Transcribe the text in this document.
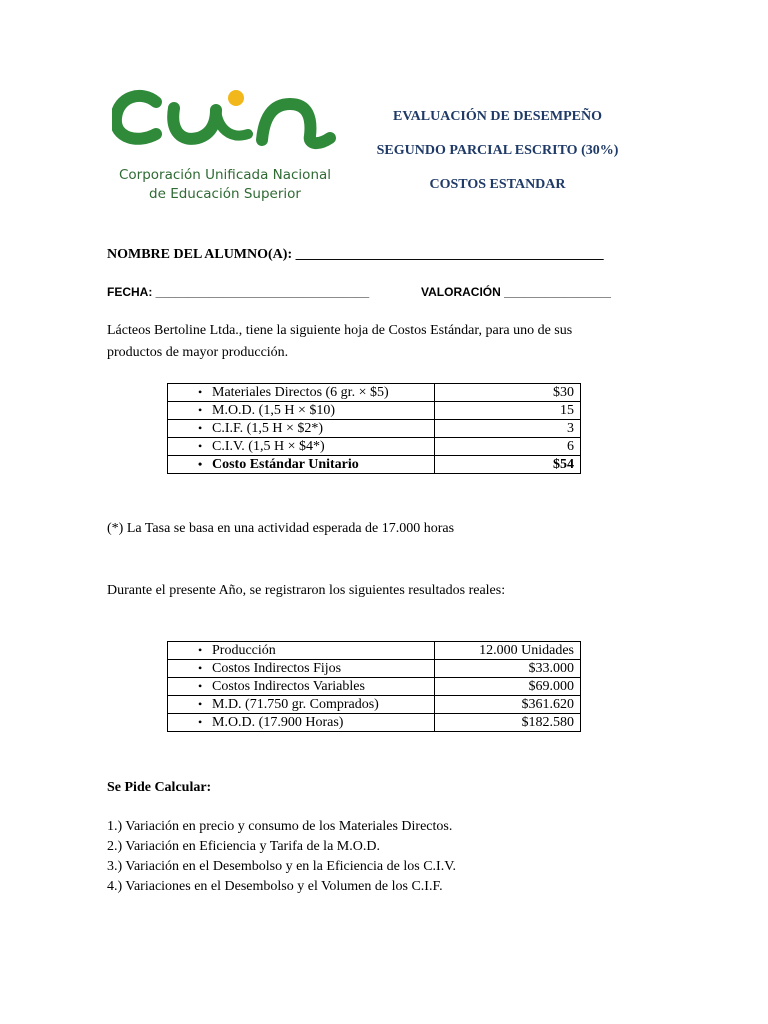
Corporación Unificada Nacional
de Educación Superior
EVALUACIÓN DE DESEMPEÑO
SEGUNDO PARCIAL ESCRITO (30%)
COSTOS ESTANDAR
NOMBRE DEL ALUMNO(A): ____________________________________________
FECHA: ________________________________	VALORACIÓN ________________
Lácteos Bertoline Ltda., tiene la siguiente hoja de Costos Estándar, para uno de sus
productos de mayor producción.
• Materiales Directos (6 gr. × $5)	$30

• M.O.D. (1,5 H × $10)	15

• C.I.F. (1,5 H × $2*)	3

• C.I.V. (1,5 H × $4*)	6

• Costo Estándar Unitario	$54
(*) La Tasa se basa en una actividad esperada de 17.000 horas
Durante el presente Año, se registraron los siguientes resultados reales:
• Producción	12.000 Unidades

• Costos Indirectos Fijos	$33.000

• Costos Indirectos Variables	$69.000

• M.D. (71.750 gr. Comprados)	$361.620

• M.O.D. (17.900 Horas)	$182.580
Se Pide Calcular:
1.) Variación en precio y consumo de los Materiales Directos.
2.) Variación en Eficiencia y Tarifa de la M.O.D.
3.) Variación en el Desembolso y en la Eficiencia de los C.I.V.
4.) Variaciones en el Desembolso y el Volumen de los C.I.F.
